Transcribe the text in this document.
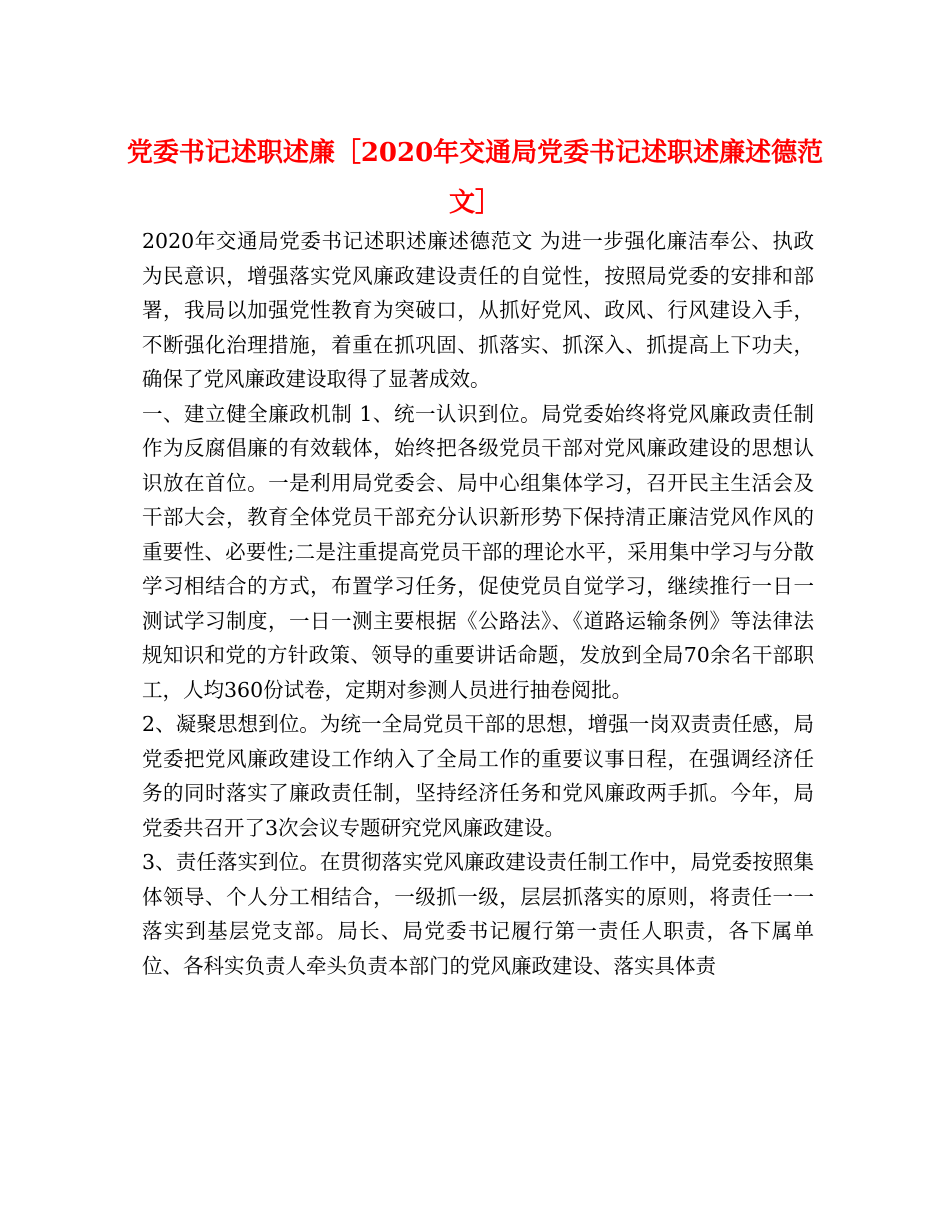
党委书记述职述廉［2020年交通局党委书记述职述廉述德范文］

2020年交通局党委书记述职述廉述德范文 为进一步强化廉洁奉公、执政为民意识，增强落实党风廉政建设责任的自觉性，按照局党委的安排和部署，我局以加强党性教育为突破口，从抓好党风、政风、行风建设入手，不断强化治理措施，着重在抓巩固、抓落实、抓深入、抓提高上下功夫，确保了党风廉政建设取得了显著成效。

一、建立健全廉政机制 1、统一认识到位。局党委始终将党风廉政责任制作为反腐倡廉的有效载体，始终把各级党员干部对党风廉政建设的思想认识放在首位。一是利用局党委会、局中心组集体学习，召开民主生活会及干部大会，教育全体党员干部充分认识新形势下保持清正廉洁党风作风的重要性、必要性;二是注重提高党员干部的理论水平，采用集中学习与分散学习相结合的方式，布置学习任务，促使党员自觉学习，继续推行一日一测试学习制度，一日一测主要根据《公路法》、《道路运输条例》等法律法规知识和党的方针政策、领导的重要讲话命题，发放到全局70余名干部职工，人均360份试卷，定期对参测人员进行抽卷阅批。

2、凝聚思想到位。为统一全局党员干部的思想，增强一岗双责责任感，局党委把党风廉政建设工作纳入了全局工作的重要议事日程，在强调经济任务的同时落实了廉政责任制，坚持经济任务和党风廉政两手抓。今年，局党委共召开了3次会议专题研究党风廉政建设。

3、责任落实到位。在贯彻落实党风廉政建设责任制工作中，局党委按照集体领导、个人分工相结合，一级抓一级，层层抓落实的原则，将责任一一落实到基层党支部。局长、局党委书记履行第一责任人职责，各下属单位、各科实负责人牵头负责本部门的党风廉政建设、落实具体责
